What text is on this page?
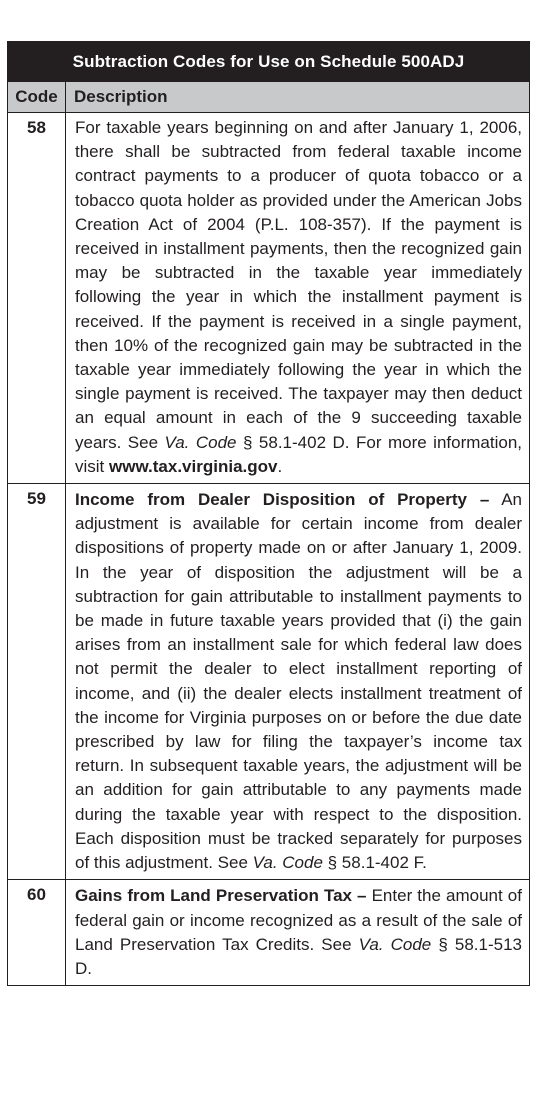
Subtraction Codes for Use on Schedule 500ADJ
Code Description
58	For taxable years beginning on and after January 1, 2006, there shall be subtracted from federal taxable income contract payments to a producer of quota tobacco or a tobacco quota holder as provided under the American Jobs Creation Act of 2004 (P.L. 108-357). If the payment is received in installment payments, then the recognized gain may be subtracted in the taxable year immediately following the year in which the installment payment is received. If the payment is received in a single payment, then 10% of the recognized gain may be subtracted in the taxable year immediately following the year in which the single payment is received. The taxpayer may then deduct an equal amount in each of the 9 succeeding taxable years. See Va. Code § 58.1-402 D. For more information, visit www.tax.virginia.gov.
59	Income from Dealer Disposition of Property – An adjustment is available for certain income from dealer dispositions of property made on or after January 1, 2009. In the year of disposition the adjustment will be a subtraction for gain attributable to installment payments to be made in future taxable years provided that (i) the gain arises from an installment sale for which federal law does not permit the dealer to elect installment reporting of income, and (ii) the dealer elects installment treatment of the income for Virginia purposes on or before the due date prescribed by law for filing the taxpayer’s income tax return. In subsequent taxable years, the adjustment will be an addition for gain attributable to any payments made during the taxable year with respect to the disposition. Each disposition must be tracked separately for purposes of this adjustment. See Va. Code § 58.1-402 F.
60	Gains from Land Preservation Tax – Enter the amount of federal gain or income recognized as a result of the sale of Land Preservation Tax Credits. See Va. Code § 58.1-513 D.
